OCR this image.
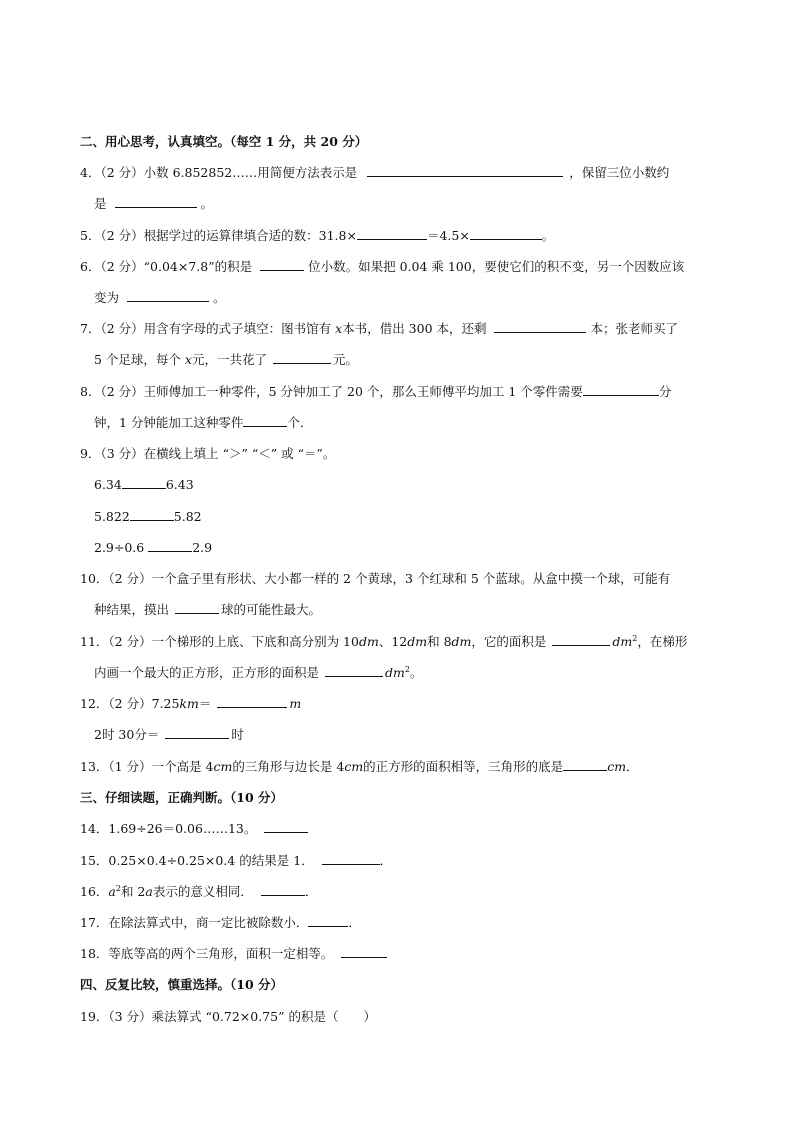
二、用心思考，认真填空。（每空 1 分，共 20 分）
4．（2 分）小数 6.852852……用简便方法表示是	，保留三位小数约
是	。
5．（2 分）根据学过的运算律填合适的数：31.8×	＝4.5×	。
6．（2 分）“0.04×7.8”的积是	位小数。如果把 0.04 乘 100，要使它们的积不变，另一个因数应该
变为	。
7．（2 分）用含有字母的式子填空：图书馆有 x本书，借出 300 本，还剩	本；张老师买了
5 个足球，每个 x元，一共花了	元。
8．（2 分）王师傅加工一种零件，5 分钟加工了 20 个，那么王师傅平均加工 1 个零件需要	分
钟，1 分钟能加工这种零件	个．
9．（3 分）在横线上填上 “＞” “＜” 或 “＝”。
6.34	6.43
5.822	5.82
2.9÷0.6	2.9
10．（2 分）一个盒子里有形状、大小都一样的 2 个黄球，3 个红球和 5 个蓝球。从盒中摸一个球，可能有
种结果，摸出	球的可能性最大。
11．（2 分）一个梯形的上底、下底和高分别为 10dm、12dm和 8dm，它的面积是	$dm^2$，在梯形
内画一个最大的正方形，正方形的面积是	$dm^2$。
12．（2 分）7.25km＝	m
2时 30分＝	时
13．（1 分）一个高是 4cm的三角形与边长是 4cm的正方形的面积相等，三角形的底是	cm．
三、仔细读题，正确判断。（10 分）
14．1.69÷26＝0.06……13。
15．0.25×0.4÷0.25×0.4 的结果是 1．	．
16．$a^2$和 2a表示的意义相同．	．
17．在除法算式中，商一定比被除数小．	．
18．等底等高的两个三角形，面积一定相等。
四、反复比较，慎重选择。（10 分）
19．（3 分）乘法算式 “0.72×0.75” 的积是（　　）
